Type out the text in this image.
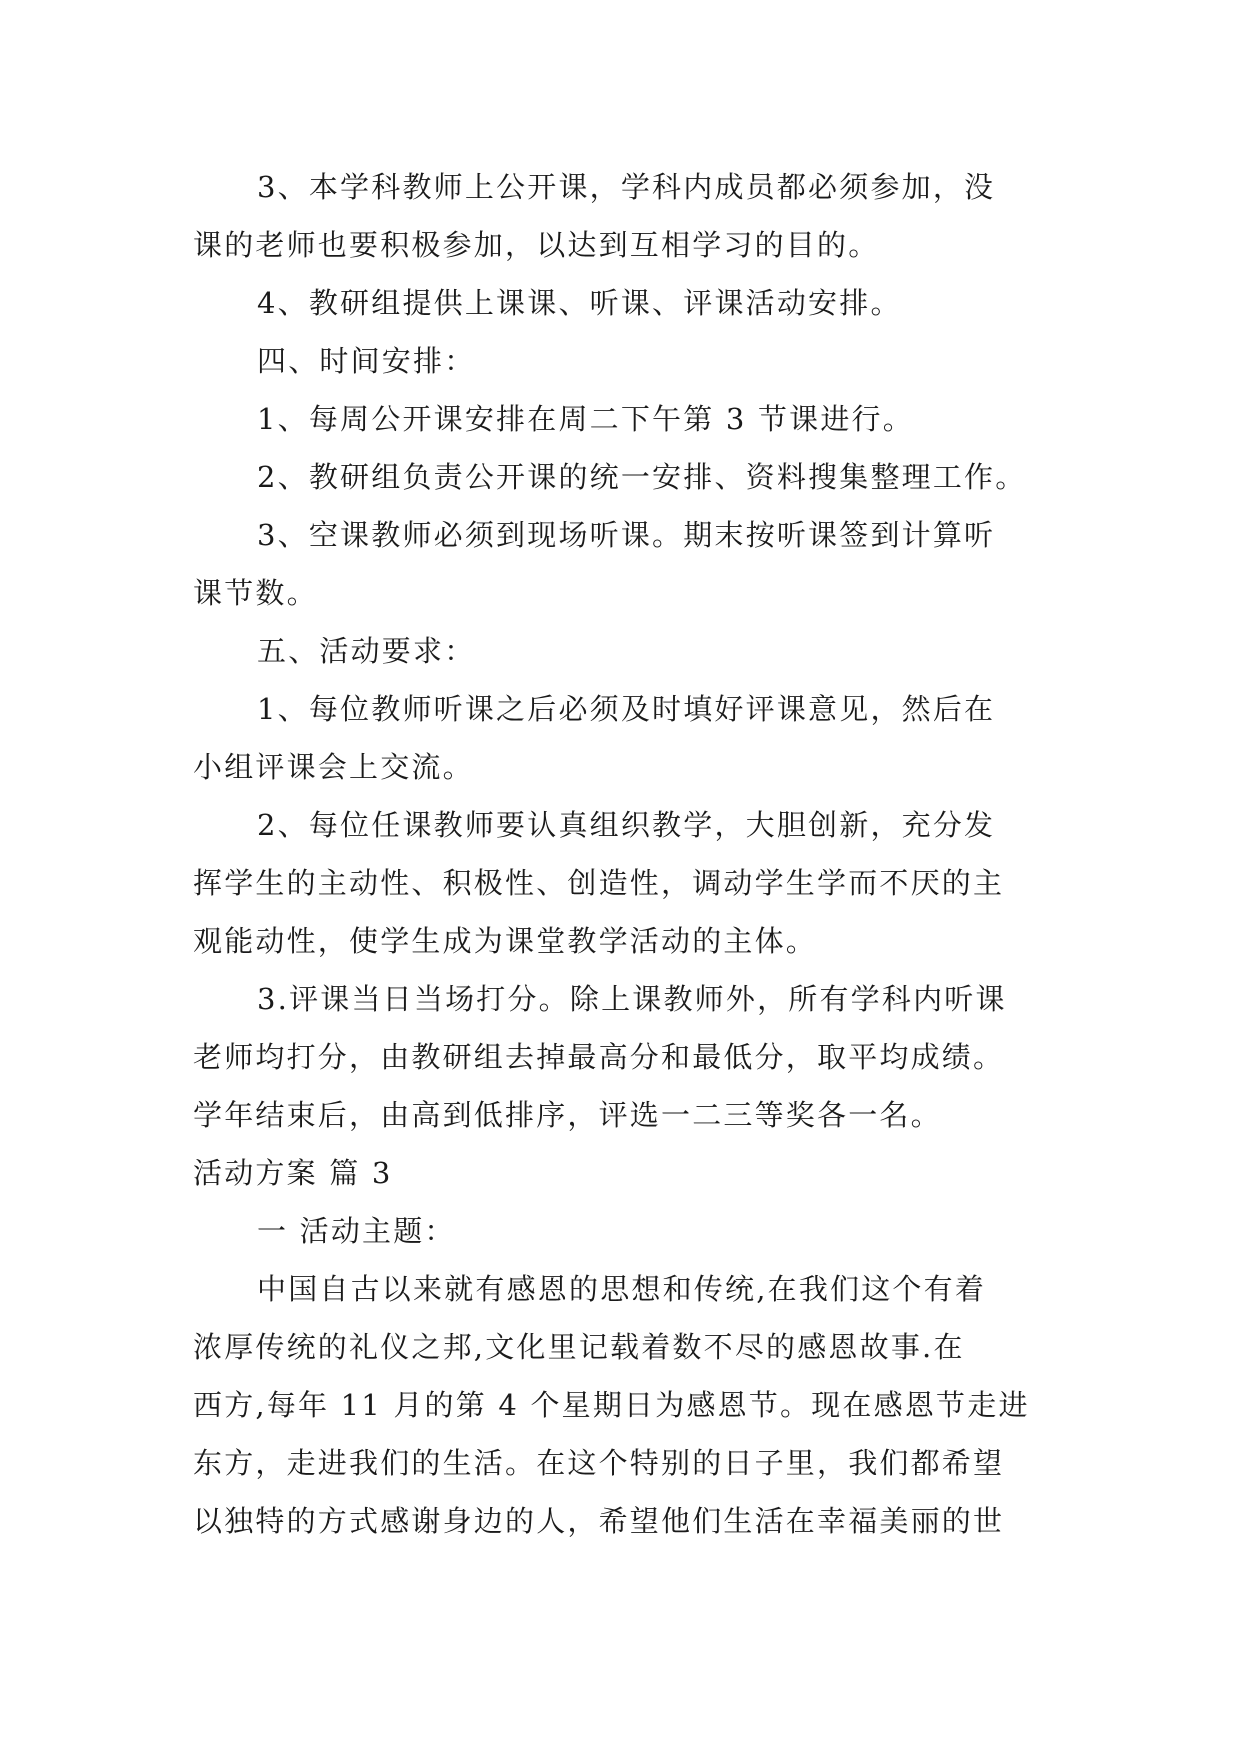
3、本学科教师上公开课，学科内成员都必须参加，没

课的老师也要积极参加，以达到互相学习的目的。

4、教研组提供上课课、听课、评课活动安排。

四、时间安排：

1、每周公开课安排在周二下午第 3 节课进行。

2、教研组负责公开课的统一安排、资料搜集整理工作。

3、空课教师必须到现场听课。期末按听课签到计算听

课节数。

五、活动要求：

1、每位教师听课之后必须及时填好评课意见，然后在

小组评课会上交流。

2、每位任课教师要认真组织教学，大胆创新，充分发

挥学生的主动性、积极性、创造性，调动学生学而不厌的主

观能动性，使学生成为课堂教学活动的主体。

3.评课当日当场打分。除上课教师外，所有学科内听课

老师均打分，由教研组去掉最高分和最低分，取平均成绩。

学年结束后，由高到低排序，评选一二三等奖各一名。

活动方案 篇 3

一 活动主题：

中国自古以来就有感恩的思想和传统,在我们这个有着

浓厚传统的礼仪之邦,文化里记载着数不尽的感恩故事.在

西方,每年 11 月的第 4 个星期日为感恩节。现在感恩节走进

东方，走进我们的生活。在这个特别的日子里，我们都希望

以独特的方式感谢身边的人，希望他们生活在幸福美丽的世
